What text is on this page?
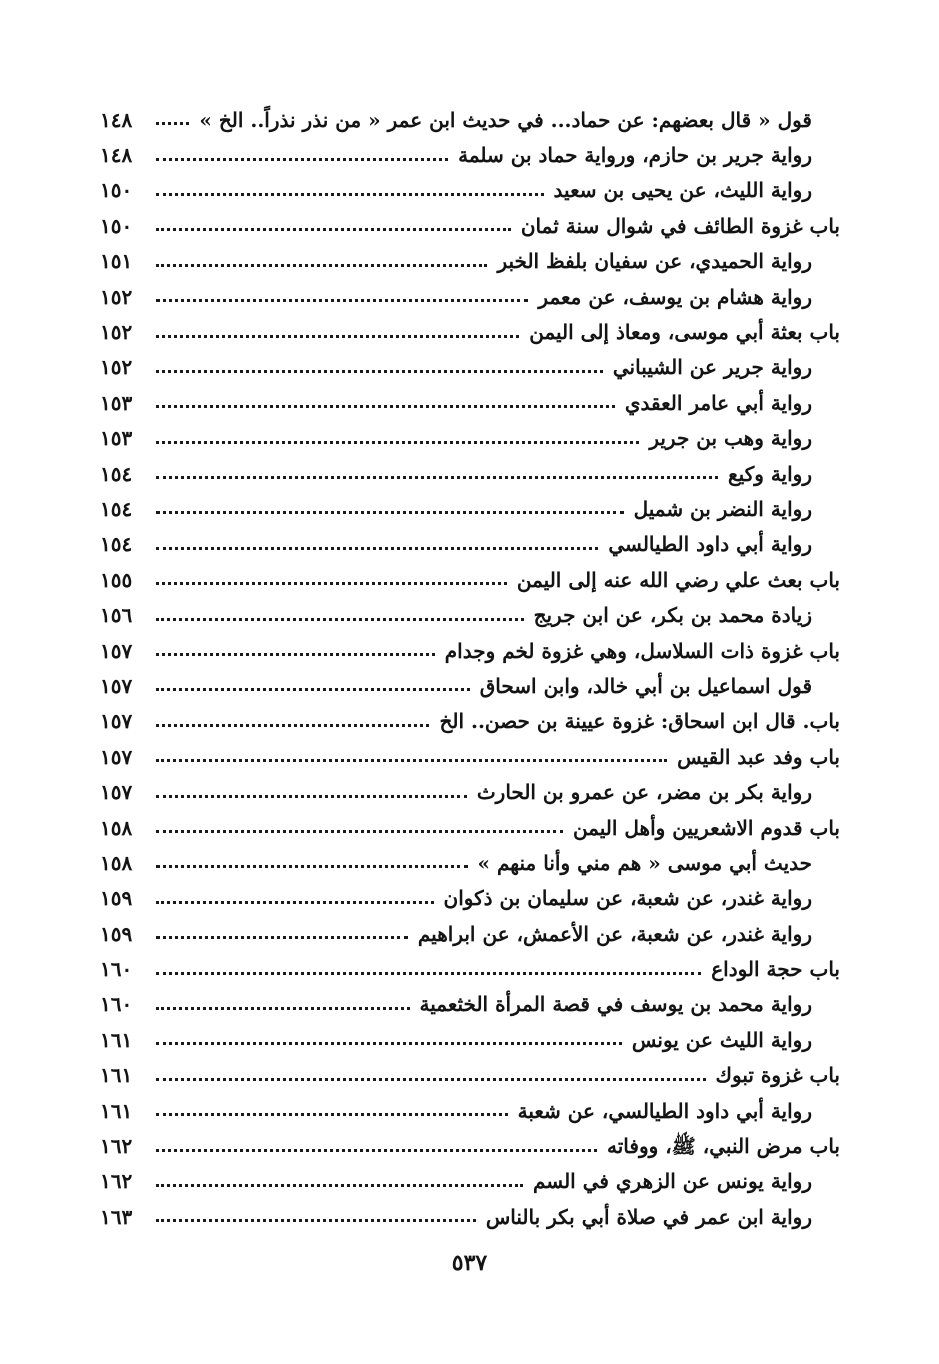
قول « قال بعضهم: عن حماد... في حديث ابن عمر « من نذر نذراً.. الخ »
١٤٨
رواية جرير بن حازم، ورواية حماد بن سلمة
١٤٨
رواية الليث، عن يحيى بن سعيد
١٥٠
باب غزوة الطائف في شوال سنة ثمان
١٥٠
رواية الحميدي، عن سفيان بلفظ الخبر
١٥١
رواية هشام بن يوسف، عن معمر
١٥٢
باب بعثة أبي موسى، ومعاذ إلى اليمن
١٥٢
رواية جرير عن الشيباني
١٥٢
رواية أبي عامر العقدي
١٥٣
رواية وهب بن جرير
١٥٣
رواية وكيع
١٥٤
رواية النضر بن شميل
١٥٤
رواية أبي داود الطيالسي
١٥٤
باب بعث علي رضي الله عنه إلى اليمن
١٥٥
زيادة محمد بن بكر، عن ابن جريج
١٥٦
باب غزوة ذات السلاسل، وهي غزوة لخم وجدام
١٥٧
قول اسماعيل بن أبي خالد، وابن اسحاق
١٥٧
باب. قال ابن اسحاق: غزوة عيينة بن حصن.. الخ
١٥٧
باب وفد عبد القيس
١٥٧
رواية بكر بن مضر، عن عمرو بن الحارث
١٥٧
باب قدوم الاشعريين وأهل اليمن
١٥٨
حديث أبي موسى « هم مني وأنا منهم »
١٥٨
رواية غندر، عن شعبة، عن سليمان بن ذكوان
١٥٩
رواية غندر، عن شعبة، عن الأعمش، عن ابراهيم
١٥٩
باب حجة الوداع
١٦٠
رواية محمد بن يوسف في قصة المرأة الخثعمية
١٦٠
رواية الليث عن يونس
١٦١
باب غزوة تبوك
١٦١
رواية أبي داود الطيالسي، عن شعبة
١٦١
باب مرض النبي، ﷺ، ووفاته
١٦٢
رواية يونس عن الزهري في السم
١٦٢
رواية ابن عمر في صلاة أبي بكر بالناس
١٦٣
٥٣٧
